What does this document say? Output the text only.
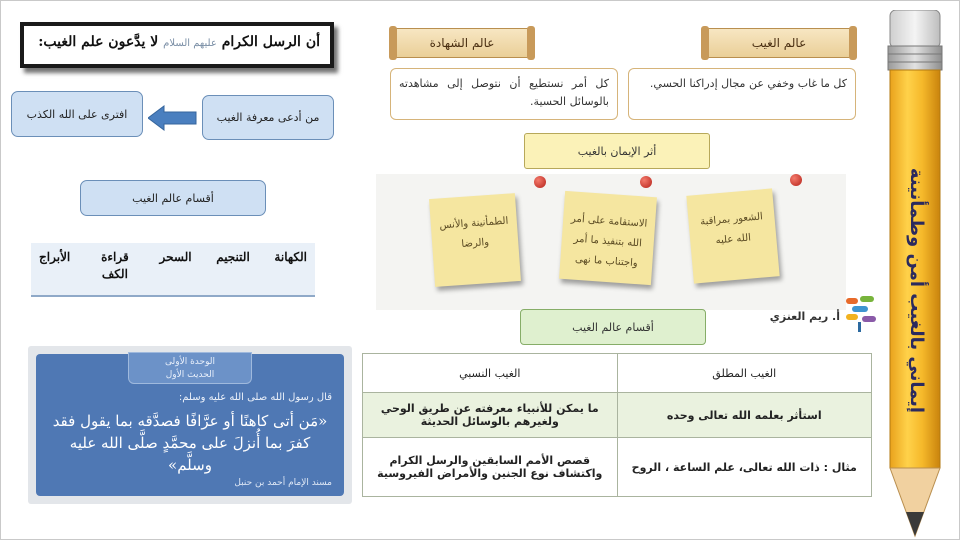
أن الرسل الكرام عليهم السلام لا يدَّعون علم الغيب:
من أدعى معرفة الغيب
افترى على الله الكذب
أقسام عالم الغيب
الكهانة
التنجيم
السحر
قراءة الكف
الأبراج
الوحدة الأولى
الحديث الأول
قال رسول الله صلى الله عليه وسلم:
«مَن أتى كاهنًا أو عرَّافًا فصدَّقه بما يقول فقد كفرَ بما أُنزلَ على محمَّدٍ صلَّى الله عليه وسلَّم»
مسند الإمام أحمد بن حنبل
عالم الغيب
عالم الشهادة
كل ما غاب وخفي عن مجال إدراكنا الحسي.
كل أمر نستطيع أن نتوصل إلى مشاهدته بالوسائل الحسية.
أثر الإيمان بالغيب
الشعور بمراقبة الله عليه
الاستقامة على أمر الله بتنفيذ ما أمر واجتناب ما نهى
الطمأنينة والأنس والرضا
أقسام عالم الغيب
أ. ريم العنزي
الغيب المطلق	الغيب النسبي
استأثر بعلمه الله تعالى وحده	ما يمكن للأنبياء معرفته عن طريق الوحي ولغيرهم بالوسائل الحديثة
مثال : ذات الله تعالى، علم الساعة ، الروح	قصص الأمم السابقين والرسل الكرام واكتشاف نوع الجنين والأمراض الفيروسية
إيماني بالغيب أمن وطمأنينة
